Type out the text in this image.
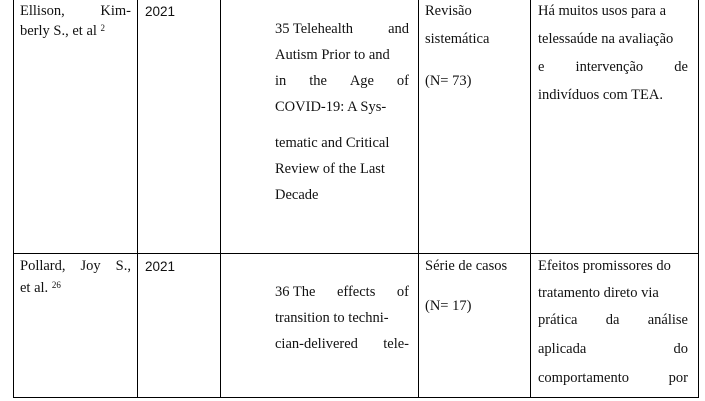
Ellison, Kim-
berly S., et al $^2$
2021
35 Telehealth and
Autism Prior to and
in the Age of
COVID-19: A Sys-
tematic and Critical
Review of the Last
Decade
Revisão
sistemática
(N= 73)
Há muitos usos para a
telessaúde na avaliação
e intervenção de
indivíduos com TEA.
Pollard, Joy S.,
et al. $^{26}$
2021
36 The effects of
transition to techni-
cian-delivered tele-
Série de casos
(N= 17)
Efeitos promissores do
tratamento direto via
prática da análise
aplicada	do
comportamento	por
